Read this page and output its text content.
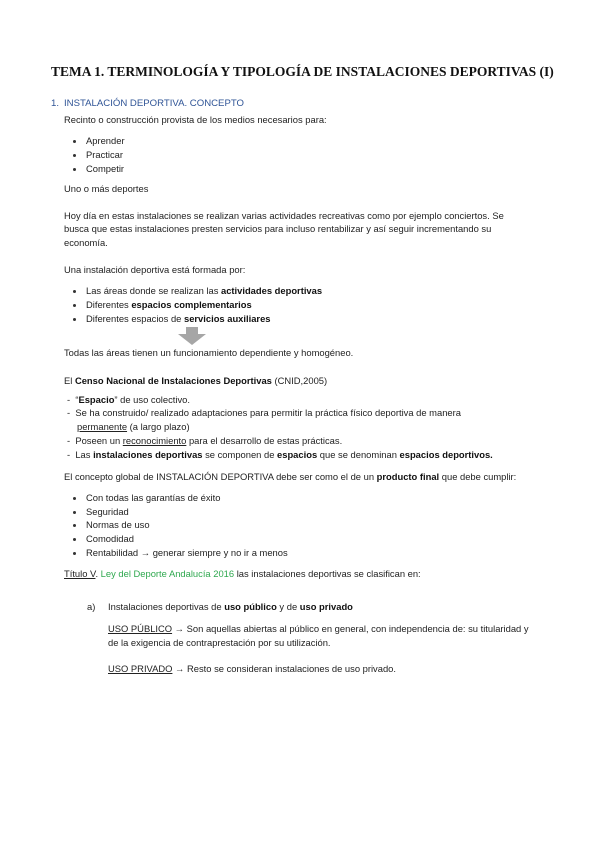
TEMA 1. TERMINOLOGÍA Y TIPOLOGÍA DE INSTALACIONES DEPORTIVAS (I)
1. INSTALACIÓN DEPORTIVA. CONCEPTO
Recinto o construcción provista de los medios necesarios para:
Aprender
Practicar
Competir
Uno o más deportes
Hoy día en estas instalaciones se realizan varias actividades recreativas como por ejemplo conciertos. Se
busca que estas instalaciones presten servicios para incluso rentabilizar y así seguir incrementando su
economía.
Una instalación deportiva está formada por:
Las áreas donde se realizan las actividades deportivas
Diferentes espacios complementarios
Diferentes espacios de servicios auxiliares
Todas las áreas tienen un funcionamiento dependiente y homogéneo.
El Censo Nacional de Instalaciones Deportivas (CNID,2005)
-  “Espacio” de uso colectivo.
-  Se ha construido/ realizado adaptaciones para permitir la práctica físico deportiva de manera
permanente (a largo plazo)
-  Poseen un reconocimiento para el desarrollo de estas prácticas.
-  Las instalaciones deportivas se componen de espacios que se denominan espacios deportivos.
El concepto global de INSTALACIÓN DEPORTIVA debe ser como el de un producto final que debe cumplir:
Con todas las garantías de éxito
Seguridad
Normas de uso
Comodidad
Rentabilidad → generar siempre y no ir a menos
Título V. Ley del Deporte Andalucía 2016 las instalaciones deportivas se clasifican en:
a) Instalaciones deportivas de uso público y de uso privado
USO PÚBLICO → Son aquellas abiertas al público en general, con independencia de: su titularidad y
de la exigencia de contraprestación por su utilización.
USO PRIVADO → Resto se consideran instalaciones de uso privado.
